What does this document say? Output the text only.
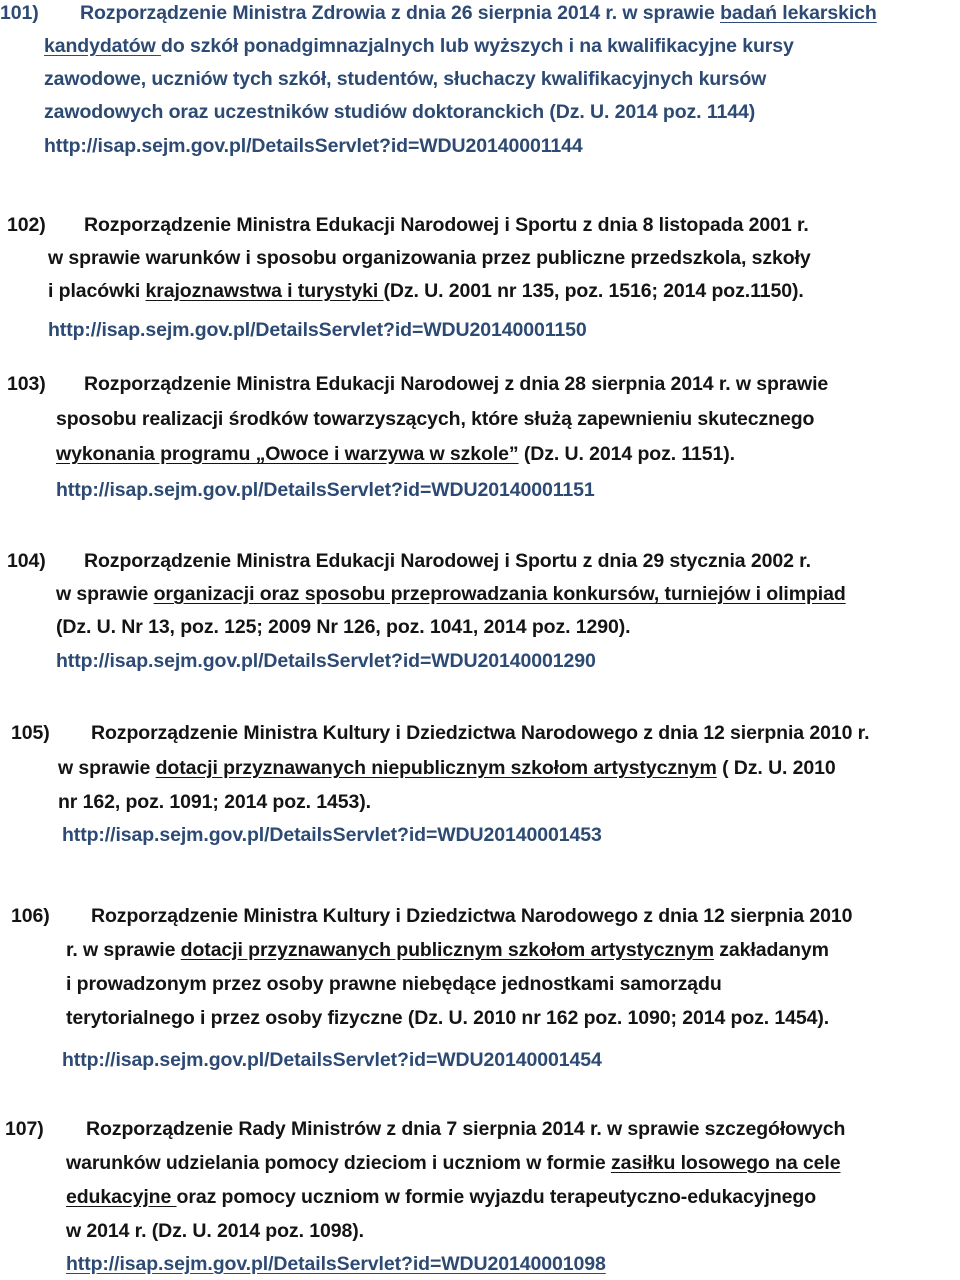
101) Rozporządzenie Ministra Zdrowia z dnia 26 sierpnia 2014 r. w sprawie badań lekarskich
kandydatów do szkół ponadgimnazjalnych lub wyższych i na kwalifikacyjne kursy
zawodowe, uczniów tych szkół, studentów, słuchaczy kwalifikacyjnych kursów
zawodowych oraz uczestników studiów doktoranckich (Dz. U. 2014 poz. 1144)
http://isap.sejm.gov.pl/DetailsServlet?id=WDU20140001144
102) Rozporządzenie Ministra Edukacji Narodowej i Sportu z dnia 8 listopada 2001 r.
w sprawie warunków i sposobu organizowania przez publiczne przedszkola, szkoły
i placówki krajoznawstwa i turystyki (Dz. U. 2001 nr 135, poz. 1516; 2014 poz.1150).
http://isap.sejm.gov.pl/DetailsServlet?id=WDU20140001150
103) Rozporządzenie Ministra Edukacji Narodowej z dnia 28 sierpnia 2014 r. w sprawie
sposobu realizacji środków towarzyszących, które służą zapewnieniu skutecznego
wykonania programu „Owoce i warzywa w szkole” (Dz. U. 2014 poz. 1151).
http://isap.sejm.gov.pl/DetailsServlet?id=WDU20140001151
104) Rozporządzenie Ministra Edukacji Narodowej i Sportu z dnia 29 stycznia 2002 r.
w sprawie organizacji oraz sposobu przeprowadzania konkursów, turniejów i olimpiad
(Dz. U. Nr 13, poz. 125; 2009 Nr 126, poz. 1041, 2014 poz. 1290).
http://isap.sejm.gov.pl/DetailsServlet?id=WDU20140001290
105) Rozporządzenie Ministra Kultury i Dziedzictwa Narodowego z dnia 12 sierpnia 2010 r.
w sprawie dotacji przyznawanych niepublicznym szkołom artystycznym ( Dz. U. 2010
nr 162, poz. 1091; 2014 poz. 1453).
http://isap.sejm.gov.pl/DetailsServlet?id=WDU20140001453
106) Rozporządzenie Ministra Kultury i Dziedzictwa Narodowego z dnia 12 sierpnia 2010
r. w sprawie dotacji przyznawanych publicznym szkołom artystycznym zakładanym
i prowadzonym przez osoby prawne niebędące jednostkami samorządu
terytorialnego i przez osoby fizyczne (Dz. U. 2010 nr 162 poz. 1090; 2014 poz. 1454).
http://isap.sejm.gov.pl/DetailsServlet?id=WDU20140001454
107) Rozporządzenie Rady Ministrów z dnia 7 sierpnia 2014 r. w sprawie szczegółowych
warunków udzielania pomocy dzieciom i uczniom w formie zasiłku losowego na cele
edukacyjne oraz pomocy uczniom w formie wyjazdu terapeutyczno-edukacyjnego
w 2014 r. (Dz. U. 2014 poz. 1098).
http://isap.sejm.gov.pl/DetailsServlet?id=WDU20140001098
